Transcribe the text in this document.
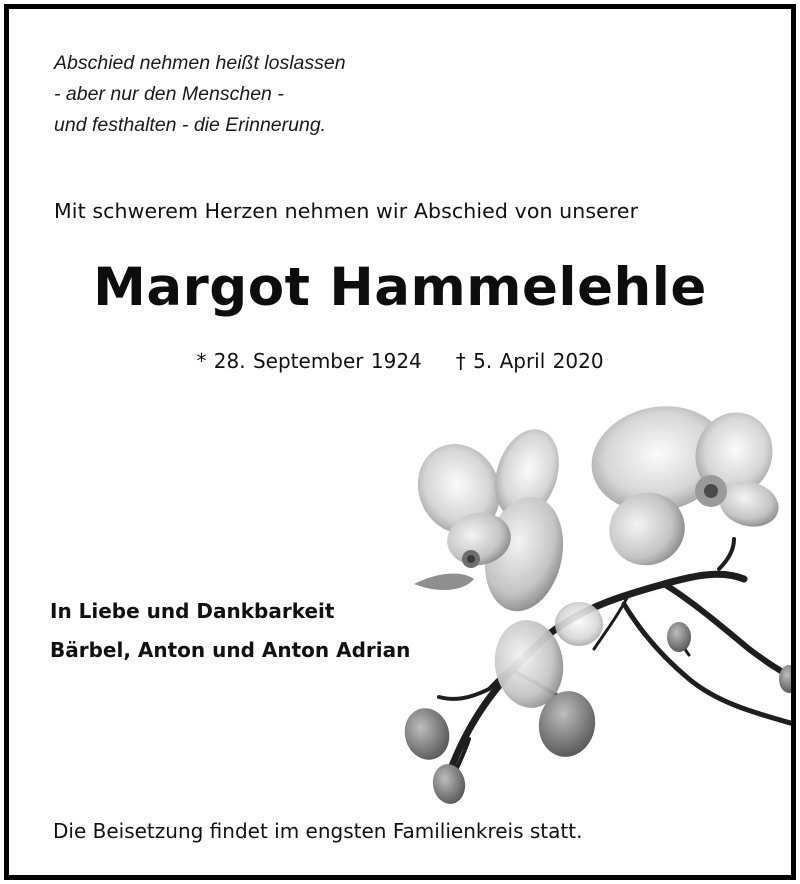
Abschied nehmen heißt loslassen
- aber nur den Menschen -
und festhalten - die Erinnerung.

Mit schwerem Herzen nehmen wir Abschied von unserer

Margot Hammelehle

* 28. September 1924 † 5. April 2020

In Liebe und Dankbarkeit
Bärbel, Anton und Anton Adrian

Die Beisetzung findet im engsten Familienkreis statt.
